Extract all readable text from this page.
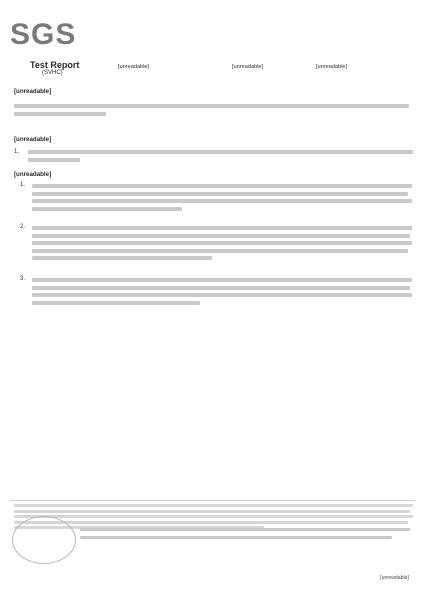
SGS
Test Report
(SVHC)
[unreadable]	[unreadable]	[unreadable]
[unreadable]
[unreadable]
1.
[unreadable]
1.
2.
3.
[unreadable]
